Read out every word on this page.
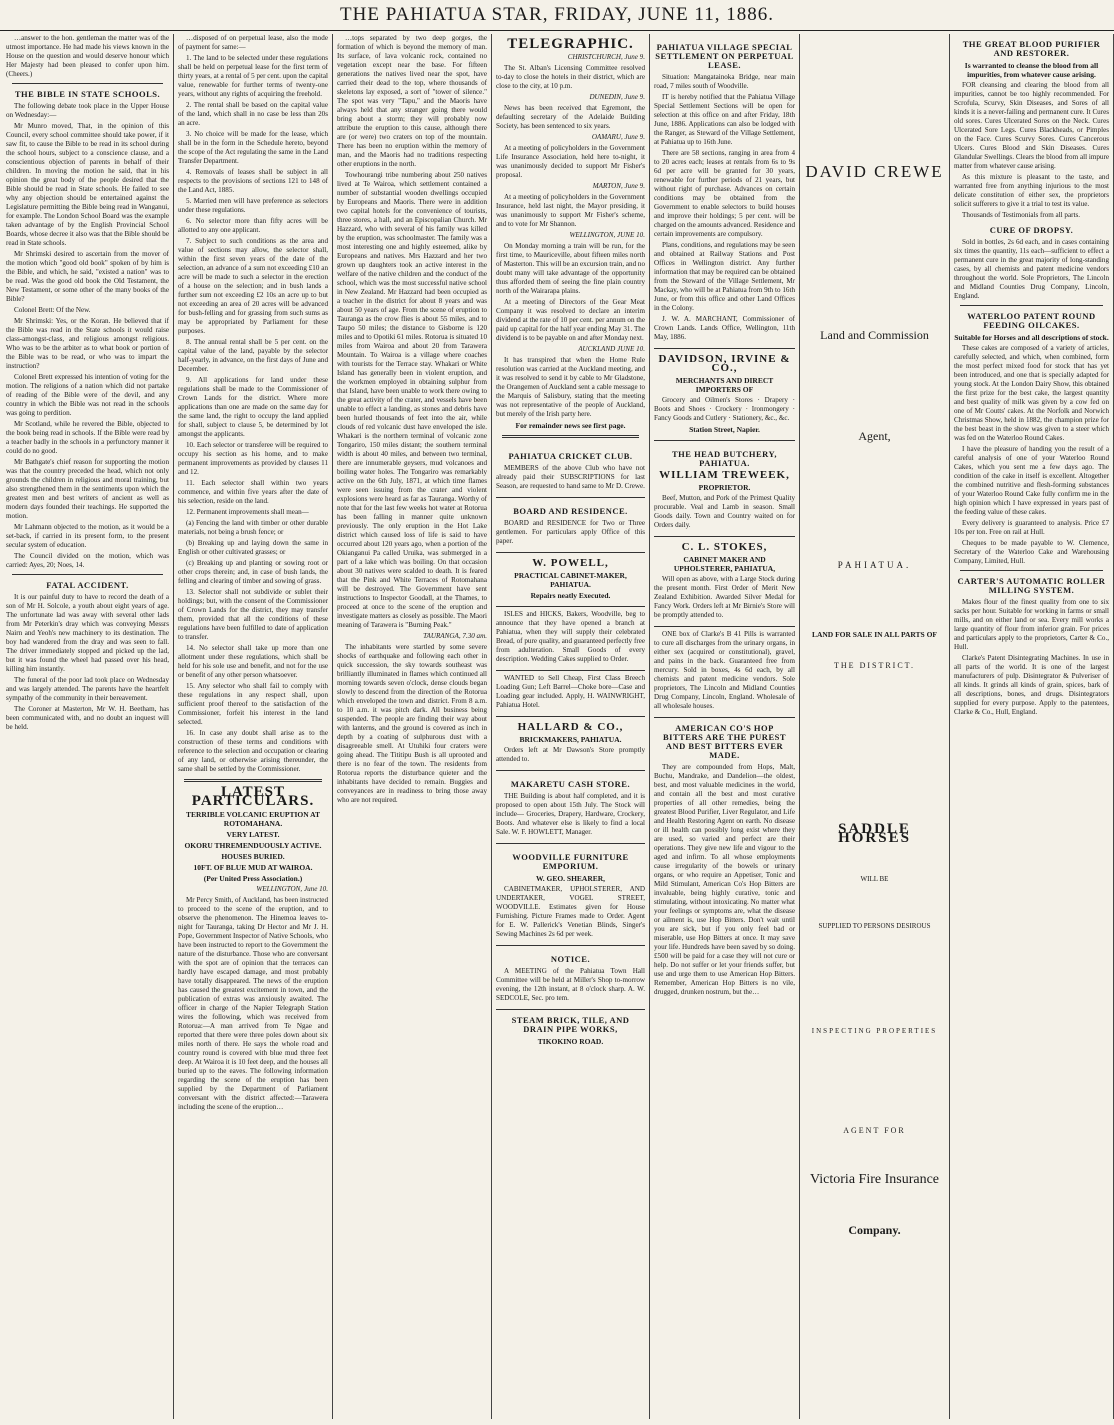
THE PAHIATUA STAR, FRIDAY, JUNE 11, 1886.

…answer to the hon. gentleman the matter was of the utmost importance. He had made his views known in the House on the question and would deserve honour which Her Majesty had been pleased to confer upon him. (Cheers.)

THE BIBLE IN STATE SCHOOLS.

The following debate took place in the Upper House on Wednesday:—

Mr Munro moved, That, in the opinion of this Council, every school committee should take power, if it saw fit, to cause the Bible to be read in its school during the school hours, subject to a conscience clause, and a conscientious objection of parents in behalf of their children. In moving the motion he said, that in his opinion the great body of the people desired that the Bible should be read in State schools. He failed to see why any objection should be entertained against the Legislature permitting the Bible being read in Wanganui, for example. The London School Board was the example taken advantage of by the English Provincial School Boards, whose decree it also was that the Bible should be read in State schools.

Mr Shrimski desired to ascertain from the mover of the motion which "good old book" spoken of by him is the Bible, and which, he said, "existed a nation" was to be read. Was the good old book the Old Testament, the New Testament, or some other of the many books of the Bible?

Colonel Brett: Of the New.

Mr Shrimski: Yes, or the Koran. He believed that if the Bible was read in the State schools it would raise class-amongst-class, and religious amongst religious. Who was to be the arbiter as to what book or portion of the Bible was to be read, or who was to impart the instruction?

Colonel Brett expressed his intention of voting for the motion. The religions of a nation which did not partake of reading of the Bible were of the devil, and any country in which the Bible was not read in the schools was going to perdition.

Mr Scotland, while he revered the Bible, objected to the book being read in schools. If the Bible were read by a teacher badly in the schools in a perfunctory manner it could do no good.

Mr Bathgate's chief reason for supporting the motion was that the country preceded the head, which not only grounds the children in religious and moral training, but also strengthened them in the sentiments upon which the greatest men and best writers of ancient as well as modern days founded their teachings. He supported the motion.

Mr Lahmann objected to the motion, as it would be a set-back, if carried in its present form, to the present secular system of education.

The Council divided on the motion, which was carried: Ayes, 20; Noes, 14.

FATAL ACCIDENT.

It is our painful duty to have to record the death of a son of Mr H. Solcole, a youth about eight years of age. The unfortunate lad was away with several other lads from Mr Peterkin's dray which was conveying Messrs Nairn and Yeoh's new machinery to its destination. The boy had wandered from the dray and was seen to fall. The driver immediately stopped and picked up the lad, but it was found the wheel had passed over his head, killing him instantly.

The funeral of the poor lad took place on Wednesday and was largely attended. The parents have the heartfelt sympathy of the community in their bereavement.

The Coroner at Masterton, Mr W. H. Beetham, has been communicated with, and no doubt an inquest will be held.

…disposed of on perpetual lease, also the mode of payment for same:—

1. The land to be selected under these regulations shall be held on perpetual lease for the first term of thirty years, at a rental of 5 per cent. upon the capital value, renewable for further terms of twenty-one years, without any rights of acquiring the freehold.

2. The rental shall be based on the capital value of the land, which shall in no case be less than 20s an acre.

3. No choice will be made for the lease, which shall be in the form in the Schedule hereto, beyond the scope of the Act regulating the same in the Land Transfer Department.

4. Removals of leases shall be subject in all respects to the provisions of sections 121 to 148 of the Land Act, 1885.

5. Married men will have preference as selectors under these regulations.

6. No selector more than fifty acres will be allotted to any one applicant.

7. Subject to such conditions as the area and value of sections may allow, the selector shall, within the first seven years of the date of the selection, an advance of a sum not exceeding £10 an acre will be made to such a selector in the erection of a house on the selection; and in bush lands a further sum not exceeding £2 10s an acre up to but not exceeding an area of 20 acres will be advanced for bush-felling and for grassing from such sums as may be appropriated by Parliament for these purposes.

8. The annual rental shall be 5 per cent. on the capital value of the land, payable by the selector half-yearly, in advance, on the first days of June and December.

9. All applications for land under these regulations shall be made to the Commissioner of Crown Lands for the district. Where more applications than one are made on the same day for the same land, the right to occupy the land applied for shall, subject to clause 5, be determined by lot amongst the applicants.

10. Each selector or transferee will be required to occupy his section as his home, and to make permanent improvements as provided by clauses 11 and 12.

11. Each selector shall within two years commence, and within five years after the date of his selection, reside on the land.

12. Permanent improvements shall mean—

(a) Fencing the land with timber or other durable materials, not being a brush fence; or

(b) Breaking up and laying down the same in English or other cultivated grasses; or

(c) Breaking up and planting or sowing root or other crops therein; and, in case of bush lands, the felling and clearing of timber and sowing of grass.

13. Selector shall not subdivide or sublet their holdings; but, with the consent of the Commissioner of Crown Lands for the district, they may transfer them, provided that all the conditions of these regulations have been fulfilled to date of application to transfer.

14. No selector shall take up more than one allotment under these regulations, which shall be held for his sole use and benefit, and not for the use or benefit of any other person whatsoever.

15. Any selector who shall fail to comply with these regulations in any respect shall, upon sufficient proof thereof to the satisfaction of the Commissioner, forfeit his interest in the land selected.

16. In case any doubt shall arise as to the construction of these terms and conditions with reference to the selection and occupation or clearing of any land, or otherwise arising thereunder, the same shall be settled by the Commissioner.

LATEST PARTICULARS.
TERRIBLE VOLCANIC ERUPTION AT ROTOMAHANA.
VERY LATEST.
OKORU THREMENDUOUSLY ACTIVE.
HOUSES BURIED.
10FT. OF BLUE MUD AT WAIROA.
(Per United Press Association.)
WELLINGTON, June 10.

Mr Percy Smith, of Auckland, has been instructed to proceed to the scene of the eruption, and to observe the phenomenon. The Hinemoa leaves to-night for Tauranga, taking Dr Hector and Mr J. H. Pope, Government Inspector of Native Schools, who have been instructed to report to the Government the nature of the disturbance. Those who are conversant with the spot are of opinion that the terraces can hardly have escaped damage, and most probably have totally disappeared. The news of the eruption has caused the greatest excitement in town, and the publication of extras was anxiously awaited. The officer in charge of the Napier Telegraph Station wires the following, which was received from Rotorua:—A man arrived from Te Ngae and reported that there were three poles down about six miles north of there. He says the whole road and country round is covered with blue mud three feet deep. At Wairoa it is 10 feet deep, and the houses all buried up to the eaves. The following information regarding the scene of the eruption has been supplied by the Department of Parliament conversant with the district affected:—Tarawera including the scene of the eruption…

…tops separated by two deep gorges, the formation of which is beyond the memory of man. Its surface, of lava volcanic rock, contained no vegetation except near the base. For fifteen generations the natives lived near the spot, have carried their dead to the top, where thousands of skeletons lay exposed, a sort of "tower of silence." The spot was very "Tapu," and the Maoris have always held that any stranger going there would bring about a storm; they will probably now attribute the eruption to this cause, although there are (or were) two craters on top of the mountain. There has been no eruption within the memory of man, and the Maoris had no traditions respecting other eruptions in the north.

Towhourangi tribe numbering about 250 natives lived at Te Wairoa, which settlement contained a number of substantial wooden dwellings occupied by Europeans and Maoris. There were in addition two capital hotels for the convenience of tourists, three stores, a hall, and an Episcopalian Church. Mr Hazzard, who with several of his family was killed by the eruption, was schoolmaster. The family was a most interesting one and highly esteemed, alike by Europeans and natives. Mrs Hazzard and her two grown up daughters took an active interest in the welfare of the native children and the conduct of the school, which was the most successful native school in New Zealand. Mr Hazzard had been occupied as a teacher in the district for about 8 years and was about 50 years of age. From the scene of eruption to Tauranga as the crow flies is about 55 miles, and to Taupo 50 miles; the distance to Gisborne is 120 miles and to Opotiki 61 miles. Rotorua is situated 10 miles from Wairoa and about 20 from Tarawera Mountain. To Wairoa is a village where coaches with tourists for the Terrace stay. Whakari or White Island has generally been in violent eruption, and the workmen employed in obtaining sulphur from that Island, have been unable to work there owing to the great activity of the crater, and vessels have been unable to effect a landing, as stones and debris have been hurled thousands of feet into the air, while clouds of red volcanic dust have enveloped the isle. Whakari is the northern terminal of volcanic zone Tongariro, 150 miles distant; the southern terminal width is about 40 miles, and between two terminal, there are innumerable geysers, mud volcanoes and boiling water holes. The Tongariro was remarkably active on the 6th July, 1871, at which time flames were seen issuing from the crater and violent explosions were heard as far as Tauranga. Worthy of note that for the last few weeks hot water at Rotorua has been falling in manner quite unknown previously. The only eruption in the Hot Lake district which caused loss of life is said to have occurred about 120 years ago, when a portion of the Okianganui Pa called Uruika, was submerged in a part of a lake which was boiling. On that occasion about 30 natives were scalded to death. It is feared that the Pink and White Terraces of Rotomahana will be destroyed. The Government have sent instructions to Inspector Goodall, at the Thames, to proceed at once to the scene of the eruption and investigate matters as closely as possible. The Maori meaning of Tarawera is "Burning Peak."

TAURANGA, 7.30 am.

The inhabitants were startled by some severe shocks of earthquake and following each other in quick succession, the sky towards southeast was brilliantly illuminated in flames which continued all morning towards seven o'clock, dense clouds began slowly to descend from the direction of the Rotorua which enveloped the town and district. From 8 a.m. to 10 a.m. it was pitch dark. All business being suspended. The people are finding their way about with lanterns, and the ground is covered as inch in depth by a coating of sulphurous dust with a disagreeable smell. At Utuhiki four craters were going ahead. The Tititipu Bush is all uprooted and there is no fear of the town. The residents from Rotorua reports the disturbance quieter and the inhabitants have decided to remain. Buggies and conveyances are in readiness to bring those away who are not required.

TELEGRAPHIC.
CHRISTCHURCH, June 9.

The St. Alban's Licensing Committee resolved to-day to close the hotels in their district, which are close to the city, at 10 p.m.

DUNEDIN, June 9.

News has been received that Egremont, the defaulting secretary of the Adelaide Building Society, has been sentenced to six years.

OAMARU, June 9.

At a meeting of policyholders in the Government Life Insurance Association, held here to-night, it was unanimously decided to support Mr Fisher's proposal.

MARTON, June 9.

At a meeting of policyholders in the Government Insurance, held last night, the Mayor presiding, it was unanimously to support Mr Fisher's scheme, and to vote for Mr Shannon.

WELLINGTON, JUNE 10.

On Monday morning a train will be run, for the first time, to Mauriceville, about fifteen miles north of Masterton. This will be an excursion train, and no doubt many will take advantage of the opportunity thus afforded them of seeing the fine plain country north of the Wairarapa plains.

At a meeting of Directors of the Gear Meat Company it was resolved to declare an interim dividend at the rate of 10 per cent. per annum on the paid up capital for the half year ending May 31. The dividend is to be payable on and after Monday next.

AUCKLAND JUNE 10.

It has transpired that when the Home Rule resolution was carried at the Auckland meeting, and it was resolved to send it by cable to Mr Gladstone, the Orangemen of Auckland sent a cable message to the Marquis of Salisbury, stating that the meeting was not representative of the people of Auckland, but merely of the Irish party here.

For remainder news see first page.
PAHIATUA CRICKET CLUB.

MEMBERS of the above Club who have not already paid their SUBSCRIPTIONS for last Season, are requested to hand same to Mr D. Crewe.

BOARD AND RESIDENCE.

BOARD and RESIDENCE for Two or Three gentlemen. For particulars apply Office of this paper.

W. POWELL,
PRACTICAL CABINET-MAKER, PAHIATUA.
Repairs neatly Executed.

ISLES and HICKS, Bakers, Woodville, beg to announce that they have opened a branch at Pahiatua, when they will supply their celebrated Bread, of pure quality, and guaranteed perfectly free from adulteration. Small Goods of every description. Wedding Cakes supplied to Order.

WANTED to Sell Cheap, First Class Breech Loading Gun; Left Barrel—Choke bore—Case and Loading gear included. Apply, H. WAINWRIGHT, Pahiatua Hotel.

HALLARD & CO.,
BRICKMAKERS, PAHIATUA.

Orders left at Mr Dawson's Store promptly attended to.

MAKARETU CASH STORE.

THE Building is about half completed, and it is proposed to open about 15th July. The Stock will include— Groceries, Drapery, Hardware, Crockery, Boots. And whatever else is likely to find a local Sale. W. F. HOWLETT, Manager.

WOODVILLE FURNITURE EMPORIUM.
W. GEO. SHEARER,

CABINETMAKER, UPHOLSTERER, AND UNDERTAKER, VOGEL STREET, WOODVILLE. Estimates given for House Furnishing. Picture Frames made to Order. Agent for E. W. Pallerick's Venetian Blinds, Singer's Sewing Machines 2s 6d per week.

NOTICE.

A MEETING of the Pahiatua Town Hall Committee will be held at Miller's Shop to-morrow evening, the 12th instant, at 8 o'clock sharp. A. W. SEDCOLE, Sec. pro tem.

STEAM BRICK, TILE, AND DRAIN PIPE WORKS,
TIKOKINO ROAD.
PAHIATUA VILLAGE SPECIAL SETTLEMENT ON PERPETUAL LEASE.

Situation: Mangatainoka Bridge, near main road, 7 miles south of Woodville.

IT is hereby notified that the Pahiatua Village Special Settlement Sections will be open for selection at this office on and after Friday, 18th June, 1886. Applications can also be lodged with the Ranger, as Steward of the Village Settlement, at Pahiatua up to 16th June.

There are 58 sections, ranging in area from 4 to 20 acres each; leases at rentals from 6s to 9s 6d per acre will be granted for 30 years, renewable for further periods of 21 years, but without right of purchase. Advances on certain conditions may be obtained from the Government to enable selectors to build houses and improve their holdings; 5 per cent. will be charged on the amounts advanced. Residence and certain improvements are compulsory.

Plans, conditions, and regulations may be seen and obtained at Railway Stations and Post Offices in Wellington district. Any further information that may be required can be obtained from the Steward of the Village Settlement, Mr Mackay, who will be at Pahiatua from 9th to 16th June, or from this office and other Land Offices in the Colony.

J. W. A. MARCHANT, Commissioner of Crown Lands. Lands Office, Wellington, 11th May, 1886.

DAVIDSON, IRVINE & CO.,
MERCHANTS AND DIRECT IMPORTERS OF

Grocery and Oilmen's Stores · Drapery · Boots and Shoes · Crockery · Ironmongery · Fancy Goods and Cutlery · Stationery, &c., &c.

Station Street, Napier.
THE HEAD BUTCHERY, PAHIATUA.
WILLIAM TREWEEK,
PROPRIETOR.

Beef, Mutton, and Pork of the Primest Quality procurable. Veal and Lamb in season. Small Goods daily. Town and Country waited on for Orders daily.

C. L. STOKES,
CABINET MAKER AND UPHOLSTERER, PAHIATUA,

Will open as above, with a Large Stock during the present month. First Order of Merit New Zealand Exhibition. Awarded Silver Medal for Fancy Work. Orders left at Mr Birnie's Store will be promptly attended to.

ONE box of Clarke's B 41 Pills is warranted to cure all discharges from the urinary organs, in either sex (acquired or constitutional), gravel, and pains in the back. Guaranteed free from mercury. Sold in boxes, 4s 6d each, by all chemists and patent medicine vendors. Sole proprietors, The Lincoln and Midland Counties Drug Company, Lincoln, England. Wholesale of all wholesale houses.

AMERICAN CO'S HOP BITTERS ARE THE PUREST AND BEST BITTERS EVER MADE.

They are compounded from Hops, Malt, Buchu, Mandrake, and Dandelion—the oldest, best, and most valuable medicines in the world, and contain all the best and most curative properties of all other remedies, being the greatest Blood Purifier, Liver Regulator, and Life and Health Restoring Agent on earth. No disease or ill health can possibly long exist where they are used, so varied and perfect are their operations. They give new life and vigour to the aged and infirm. To all whose employments cause irregularity of the bowels or urinary organs, or who require an Appetiser, Tonic and Mild Stimulant, American Co's Hop Bitters are invaluable, being highly curative, tonic and stimulating, without intoxicating. No matter what your feelings or symptoms are, what the disease or ailment is, use Hop Bitters. Don't wait until you are sick, but if you only feel bad or miserable, use Hop Bitters at once. It may save your life. Hundreds have been saved by so doing. £500 will be paid for a case they will not cure or help. Do not suffer or let your friends suffer, but use and urge them to use American Hop Bitters. Remember, American Hop Bitters is no vile, drugged, drunken nostrum, but the…

DAVID CREWE
Land and Commission
Agent,
PAHIATUA.
LAND FOR SALE IN ALL PARTS OF
THE DISTRICT.
SADDLE HORSES
WILL BE
SUPPLIED TO PERSONS DESIROUS
INSPECTING PROPERTIES
AGENT FOR
Victoria Fire Insurance
Company.
THE GREAT BLOOD PURIFIER AND RESTORER.
Is warranted to cleanse the blood from all impurities, from whatever cause arising.

FOR cleansing and clearing the blood from all impurities, cannot be too highly recommended. For Scrofula, Scurvy, Skin Diseases, and Sores of all kinds it is a never-failing and permanent cure. It Cures old sores. Cures Ulcerated Sores on the Neck. Cures Ulcerated Sore Legs. Cures Blackheads, or Pimples on the Face. Cures Scurvy Sores. Cures Cancerous Ulcers. Cures Blood and Skin Diseases. Cures Glandular Swellings. Clears the blood from all impure matter from whatever cause arising.

As this mixture is pleasant to the taste, and warranted free from anything injurious to the most delicate constitution of either sex, the proprietors solicit sufferers to give it a trial to test its value.

Thousands of Testimonials from all parts.

CURE OF DROPSY.

Sold in bottles, 2s 6d each, and in cases containing six times the quantity, 11s each—sufficient to effect a permanent cure in the great majority of long-standing cases, by all chemists and patent medicine vendors throughout the world. Sole Proprietors, The Lincoln and Midland Counties Drug Company, Lincoln, England.

WATERLOO PATENT ROUND FEEDING OILCAKES.
Suitable for Horses and all descriptions of stock.

These cakes are composed of a variety of articles, carefully selected, and which, when combined, form the most perfect mixed food for stock that has yet been introduced, and one that is specially adapted for young stock. At the London Dairy Show, this obtained the first prize for the best cake, the largest quantity and best quality of milk was given by a cow fed on one of Mr Coutts' cakes. At the Norfolk and Norwich Christmas Show, held in 1882, the champion prize for the best beast in the show was given to a steer which was fed on the Waterloo Round Cakes.

I have the pleasure of handing you the result of a careful analysis of one of your Waterloo Round Cakes, which you sent me a few days ago. The condition of the cake in itself is excellent. Altogether the combined nutritive and flesh-forming substances of your Waterloo Round Cake fully confirm me in the high opinion which I have expressed in years past of the feeding value of these cakes.

Every delivery is guaranteed to analysis. Price £7 10s per ton. Free on rail at Hull.

Cheques to be made payable to W. Clemence, Secretary of the Waterloo Cake and Warehousing Company, Limited, Hull.

CARTER'S AUTOMATIC ROLLER MILLING SYSTEM.

Makes flour of the finest quality from one to six sacks per hour. Suitable for working in farms or small mills, and on either land or sea. Every mill works a large quantity of flour from inferior grain. For prices and particulars apply to the proprietors, Carter & Co., Hull.

Clarke's Patent Disintegrating Machines. In use in all parts of the world. It is one of the largest manufacturers of pulp. Disintegrator & Pulveriser of all kinds. It grinds all kinds of grain, spices, bark of all descriptions, bones, and drugs. Disintegrators supplied for every purpose. Apply to the patentees, Clarke & Co., Hull, England.
